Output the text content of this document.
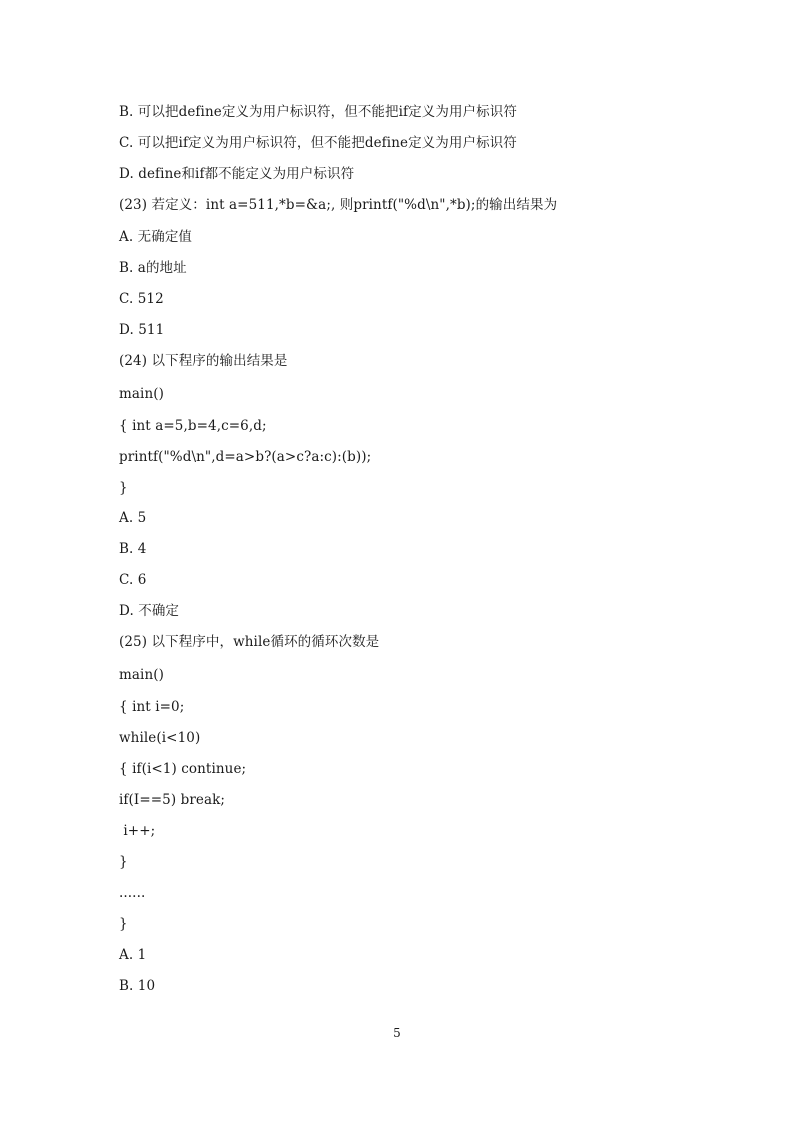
B. 可以把define定义为用户标识符，但不能把if定义为用户标识符
C. 可以把if定义为用户标识符，但不能把define定义为用户标识符
D. define和if都不能定义为用户标识符
(23) 若定义：int a=511,*b=&a;, 则printf("%d\n",*b);的输出结果为
A. 无确定值
B. a的地址
C. 512
D. 511
(24) 以下程序的输出结果是
main()
{ int a=5,b=4,c=6,d;
printf("%d\n",d=a>b?(a>c?a:c):(b));
}
A. 5
B. 4
C. 6
D. 不确定
(25) 以下程序中，while循环的循环次数是
main()
{ int i=0;
while(i<10)
{ if(i<1) continue;
if(I==5) break;
i++;
}
......
}
A. 1
B. 10
5
